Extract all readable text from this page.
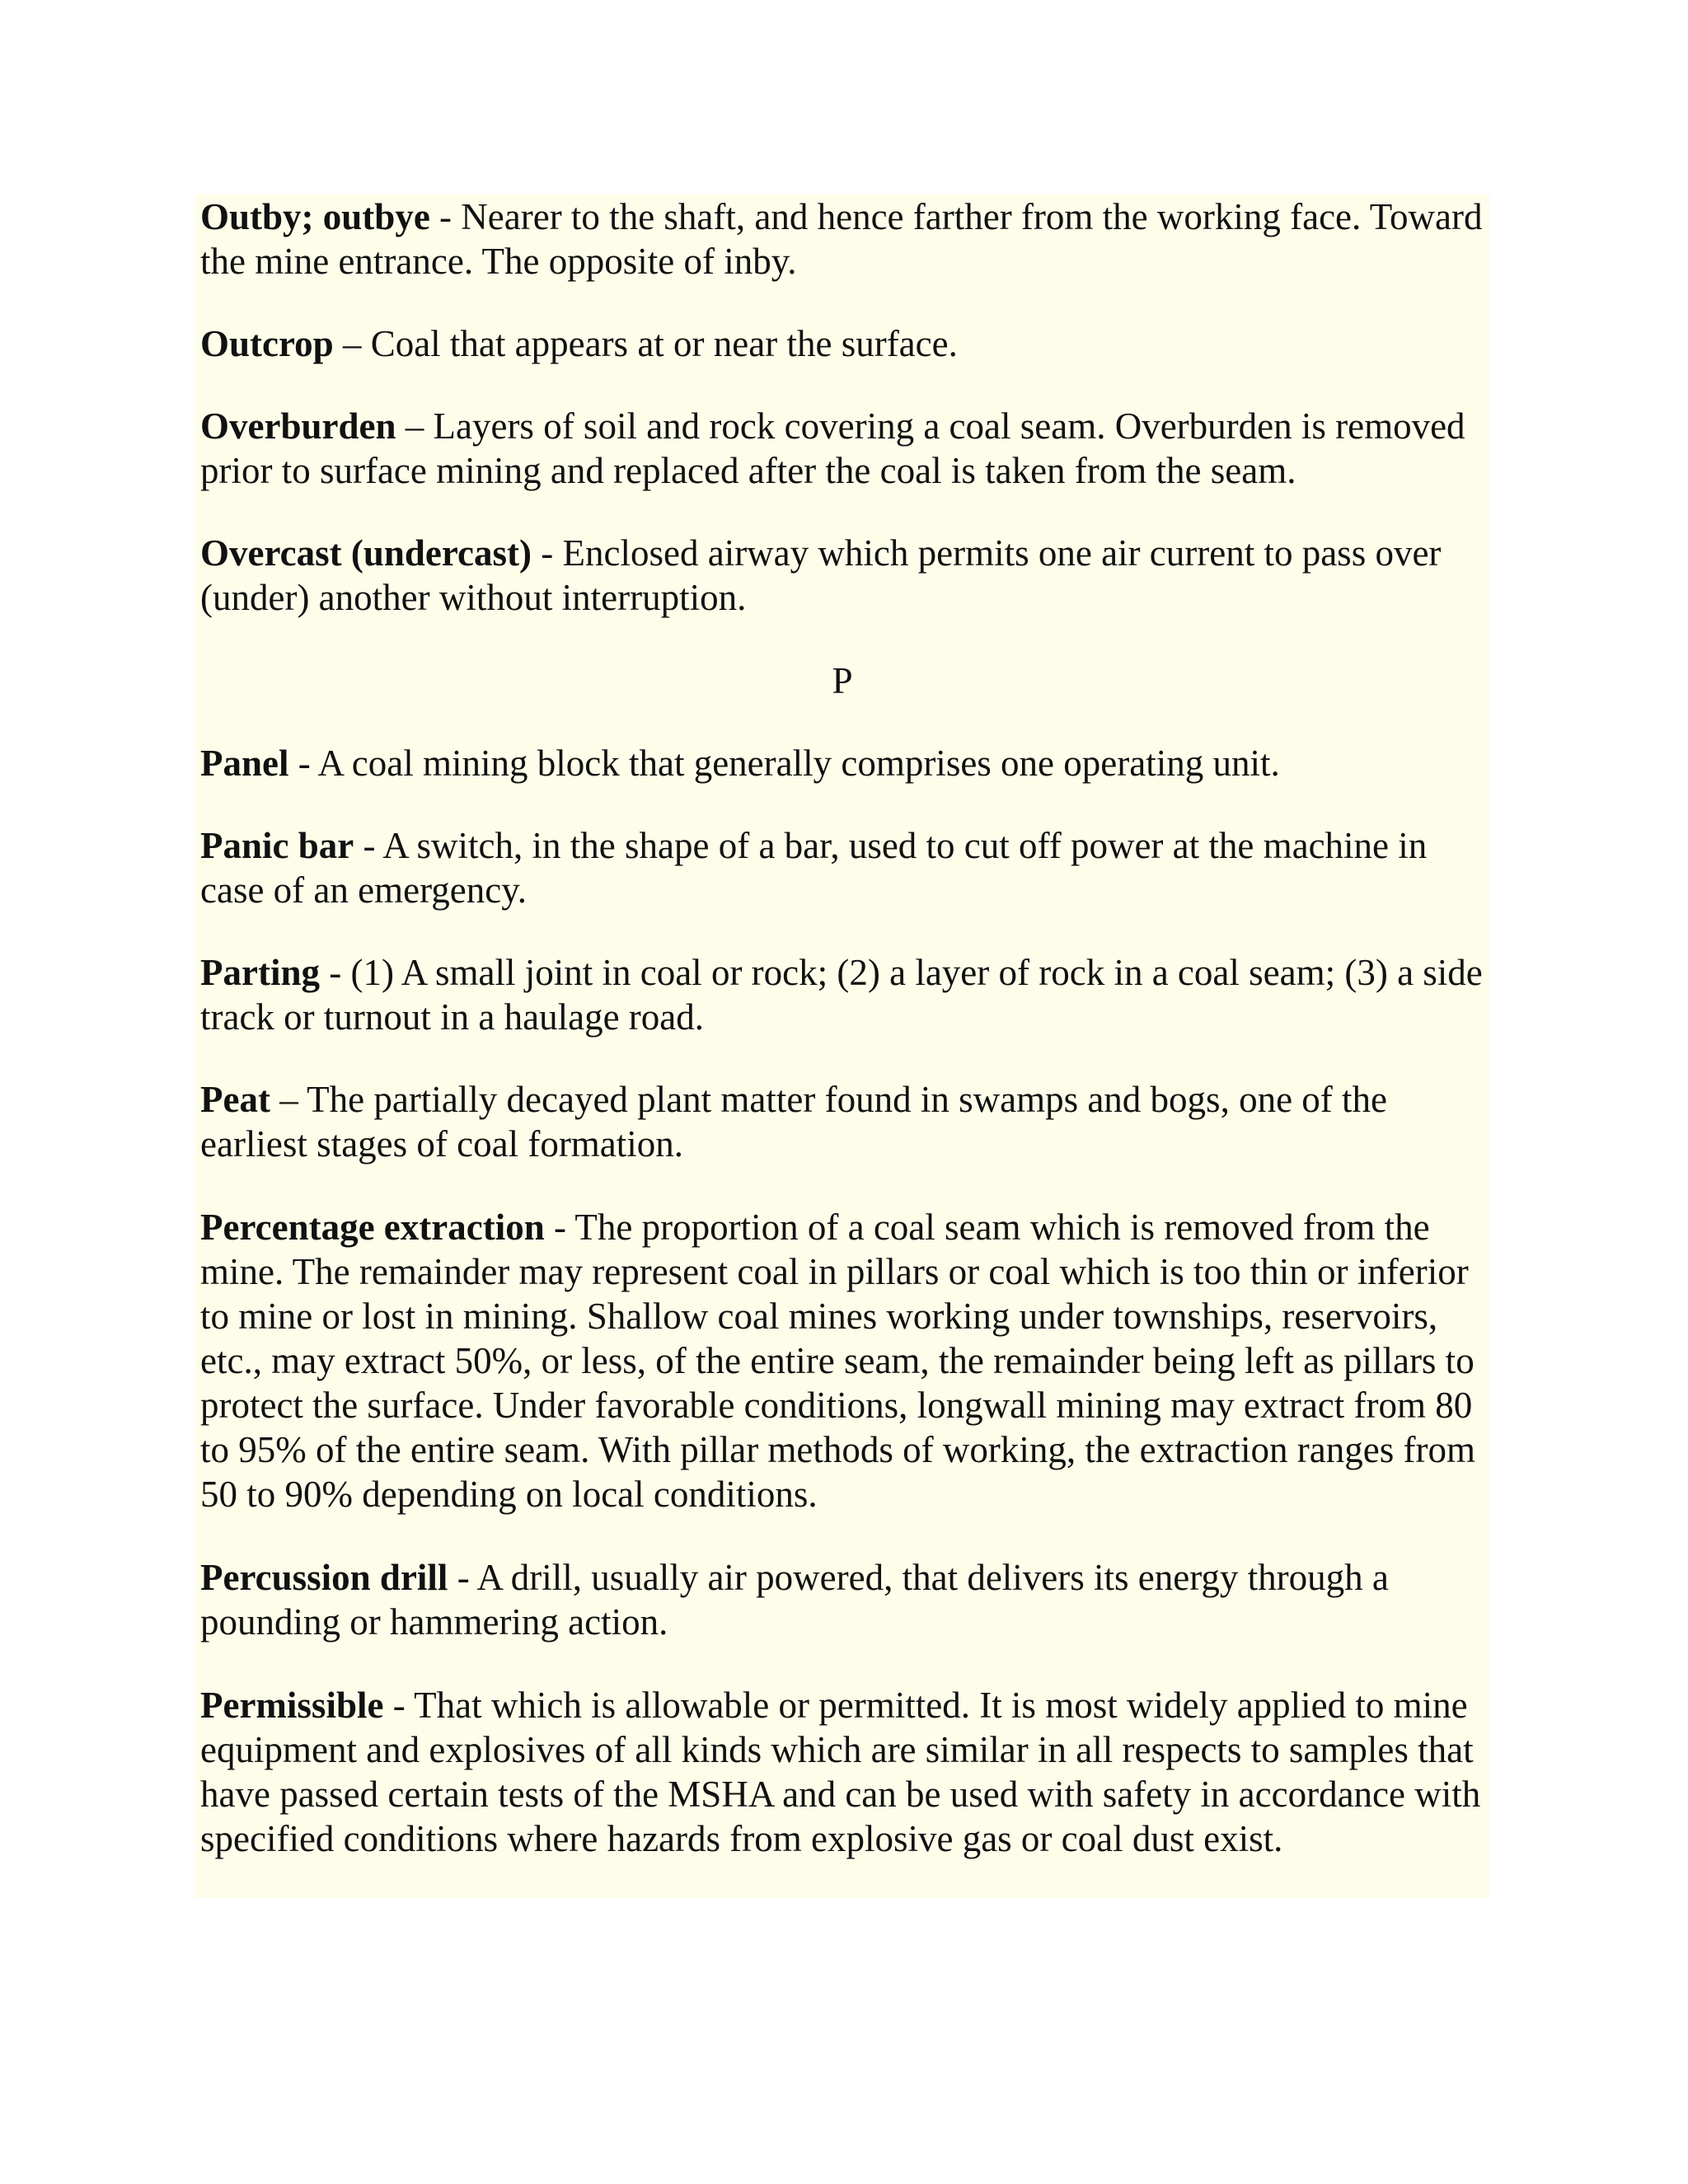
Outby; outbye - Nearer to the shaft, and hence farther from the working face. Toward the mine entrance. The opposite of inby.

Outcrop – Coal that appears at or near the surface.

Overburden – Layers of soil and rock covering a coal seam. Overburden is removed prior to surface mining and replaced after the coal is taken from the seam.

Overcast (undercast) - Enclosed airway which permits one air current to pass over (under) another without interruption.

P

Panel - A coal mining block that generally comprises one operating unit.

Panic bar - A switch, in the shape of a bar, used to cut off power at the machine in case of an emergency.

Parting - (1) A small joint in coal or rock; (2) a layer of rock in a coal seam; (3) a side track or turnout in a haulage road.

Peat – The partially decayed plant matter found in swamps and bogs, one of the earliest stages of coal formation.

Percentage extraction - The proportion of a coal seam which is removed from the mine. The remainder may represent coal in pillars or coal which is too thin or inferior to mine or lost in mining. Shallow coal mines working under townships, reservoirs, etc., may extract 50%, or less, of the entire seam, the remainder being left as pillars to protect the surface. Under favorable conditions, longwall mining may extract from 80 to 95% of the entire seam. With pillar methods of working, the extraction ranges from 50 to 90% depending on local conditions.

Percussion drill - A drill, usually air powered, that delivers its energy through a pounding or hammering action.

Permissible - That which is allowable or permitted. It is most widely applied to mine equipment and explosives of all kinds which are similar in all respects to samples that have passed certain tests of the MSHA and can be used with safety in accordance with specified conditions where hazards from explosive gas or coal dust exist.
